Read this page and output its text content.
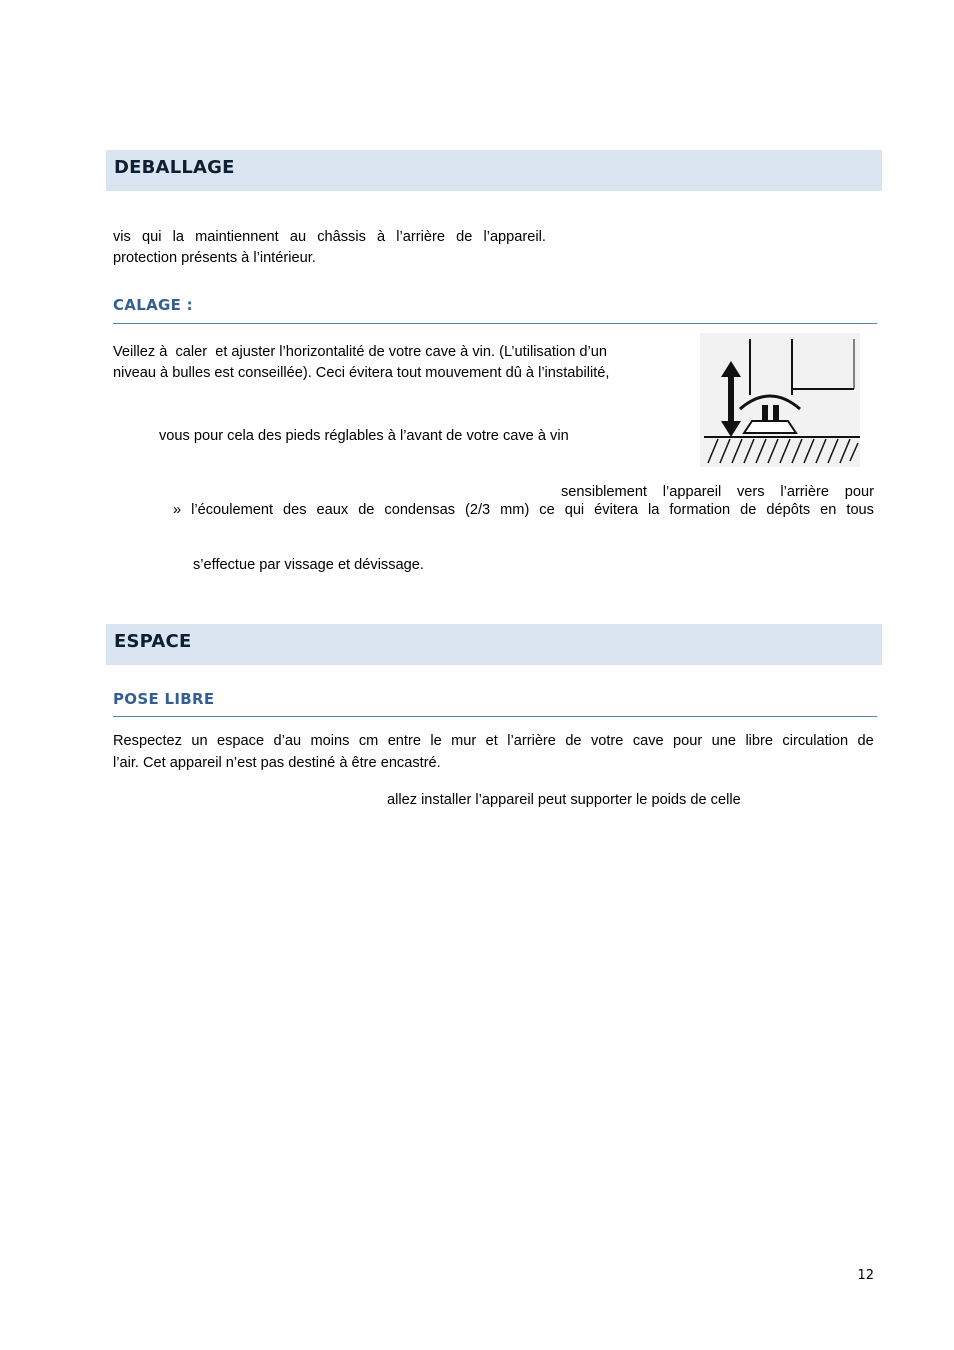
DEBALLAGE
vis qui la maintiennent au châssis à l’arrière de l’appareil.
protection présents à l’intérieur.
CALAGE :
Veillez à  caler  et ajuster l’horizontalité de votre cave à vin. (L’utilisation d’un
niveau à bulles est conseillée). Ceci évitera tout mouvement dû à l’instabilité,
vous pour cela des pieds réglables à l’avant de votre cave à vin
sensiblement l’appareil vers l’arrière pour
» l’écoulement des eaux de condensas (2/3 mm) ce qui évitera la formation de dépôts en tous
s’effectue par vissage et dévissage.
ESPACE
POSE LIBRE
Respectez un espace d’au moins cm entre le mur et l’arrière de votre cave pour une libre circulation de
l’air. Cet appareil n’est pas destiné à être encastré.
allez installer l’appareil peut supporter le poids de celle
12
